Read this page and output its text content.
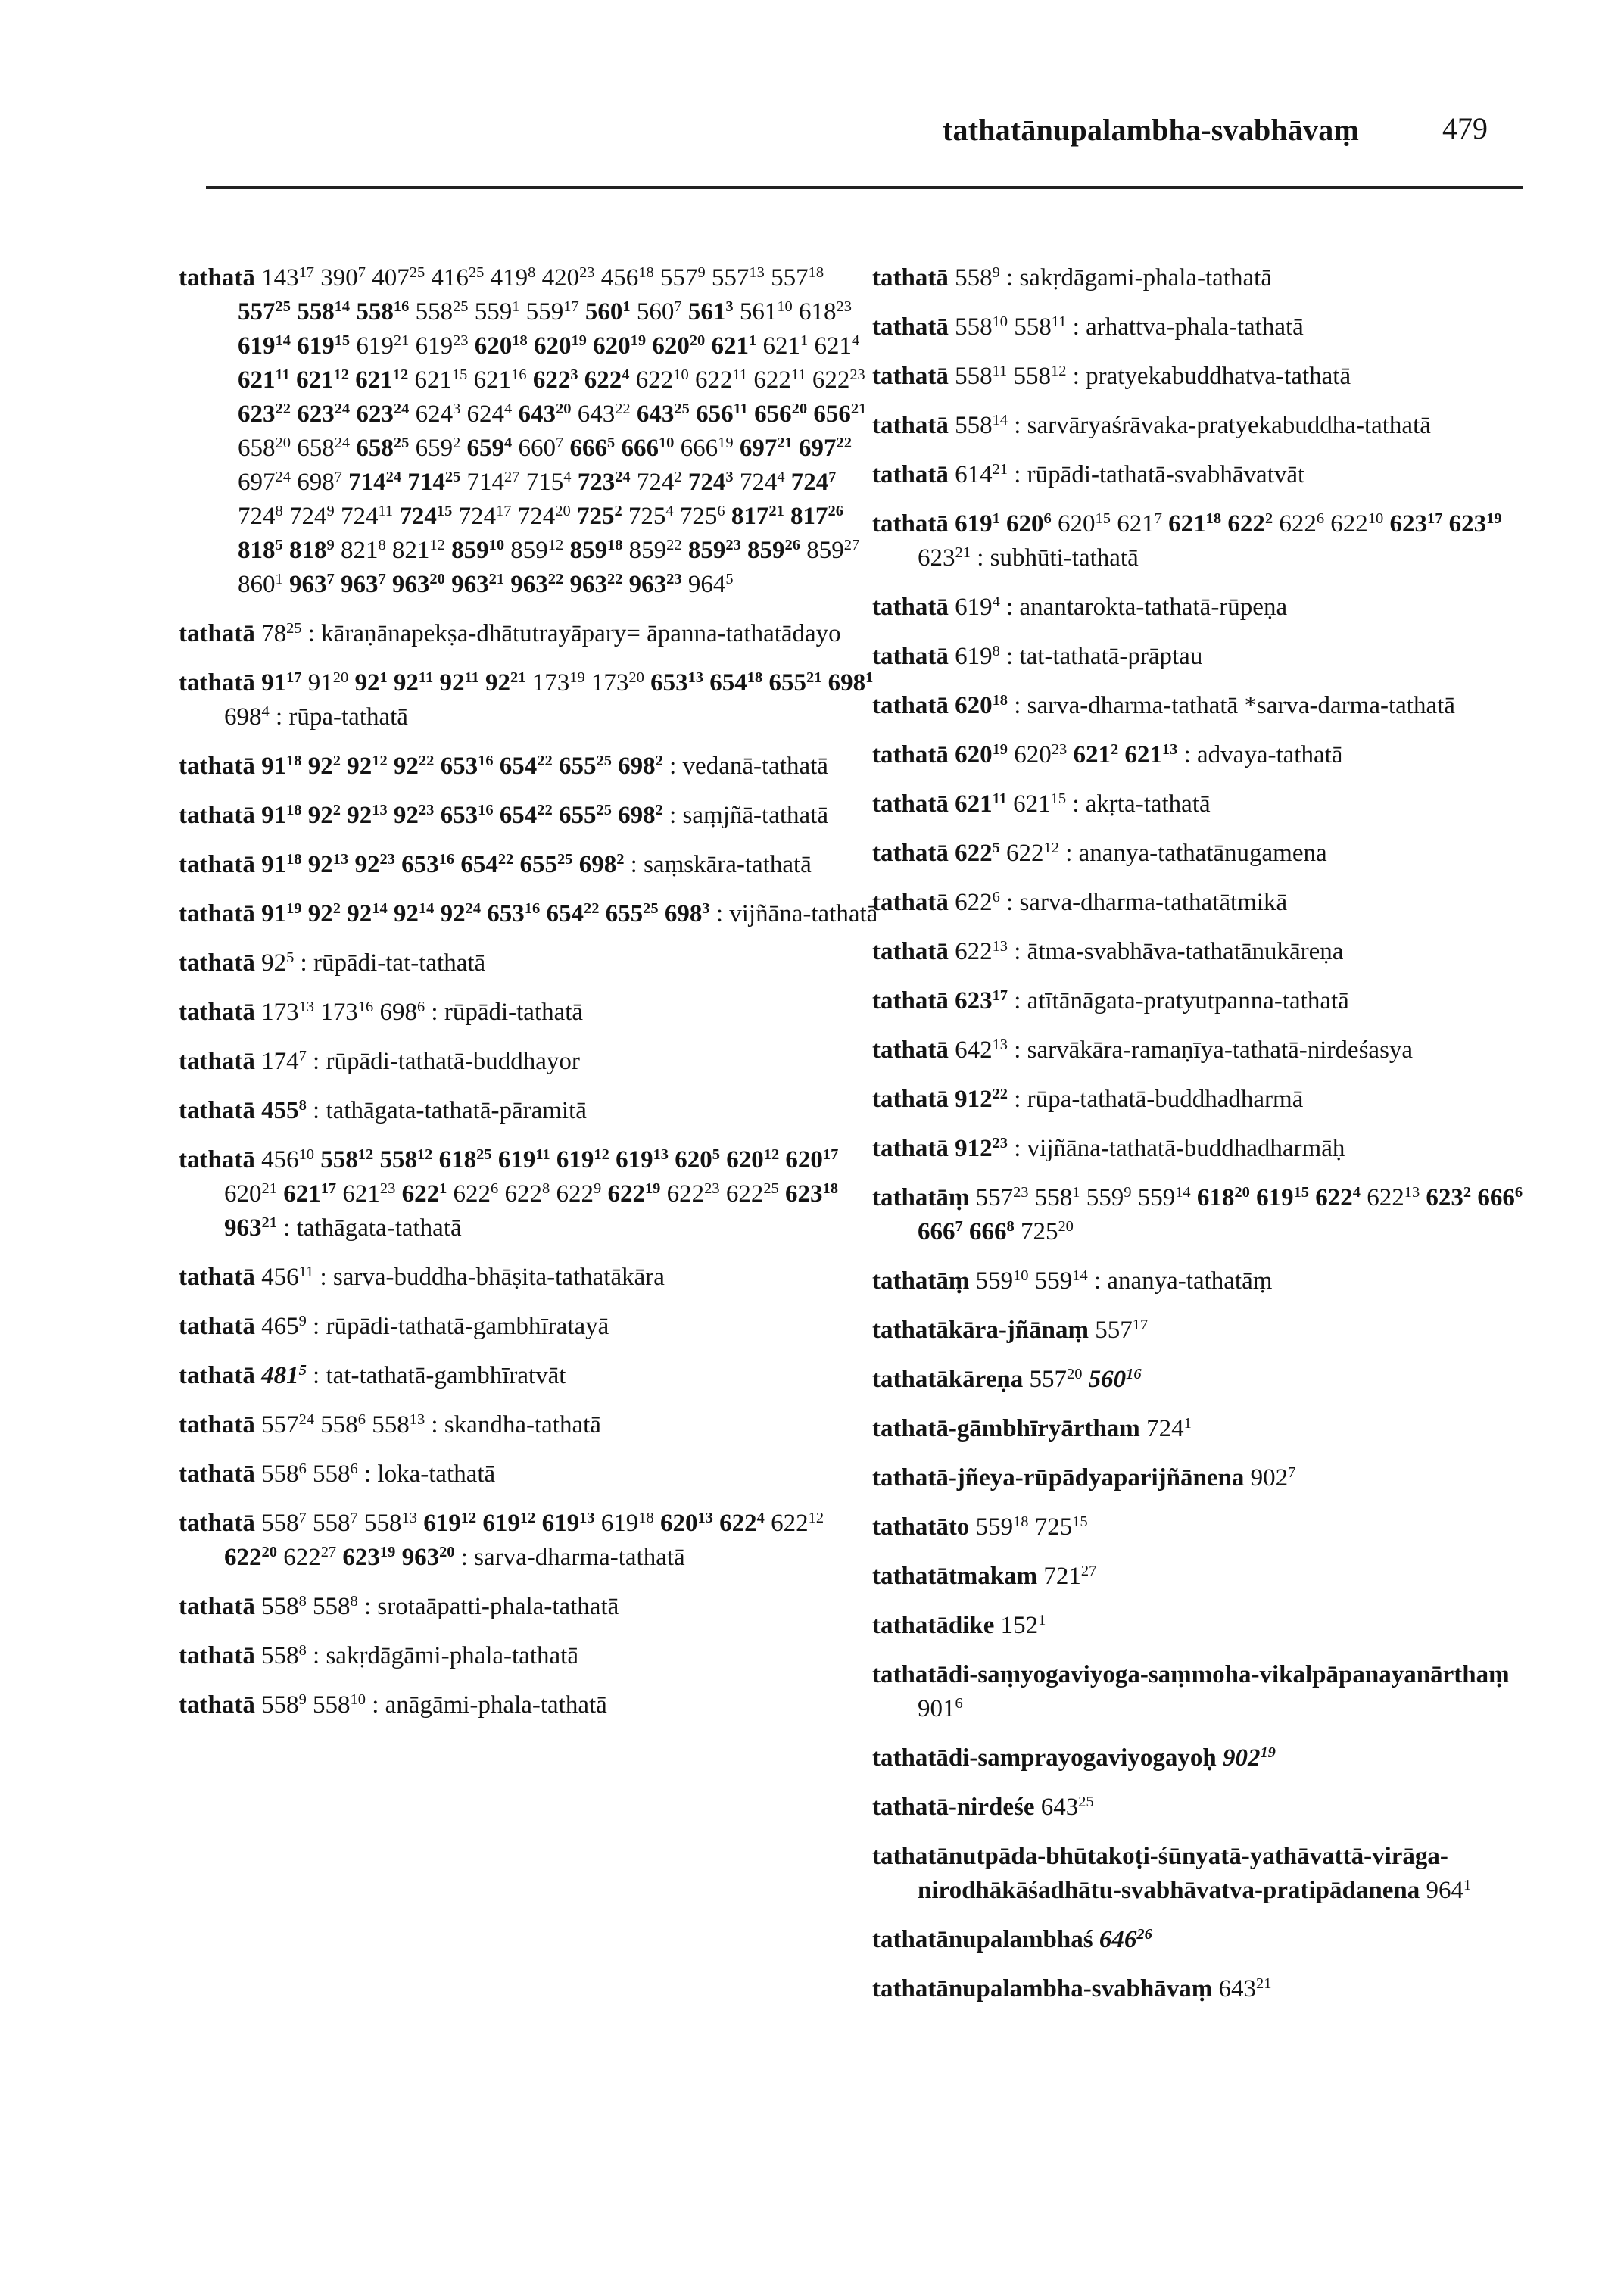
tathatānupalambha-svabhāvaṃ	479
tathatā $143^{17}$ $390^7$ $407^{25}$ $416^{25}$ $419^8$ $420^{23}$ $456^{18}$ $557^9$ $557^{13}$ $557^{18}$ $557^{25}$ $558^{14}$ $558^{16}$ $558^{25}$ $559^1$ $559^{17}$ $560^1$ $560^7$ $561^3$ $561^{10}$ $618^{23}$ $619^{14}$ $619^{15}$ $619^{21}$ $619^{23}$ $620^{18}$ $620^{19}$ $620^{19}$ $620^{20}$ $621^1$ $621^1$ $621^4$ $621^{11}$ $621^{12}$ $621^{12}$ $621^{15}$ $621^{16}$ $622^3$ $622^4$ $622^{10}$ $622^{11}$ $622^{11}$ $622^{23}$ $623^{22}$ $623^{24}$ $623^{24}$ $624^3$ $624^4$ $643^{20}$ $643^{22}$ $643^{25}$ $656^{11}$ $656^{20}$ $656^{21}$ $658^{20}$ $658^{24}$ $658^{25}$ $659^2$ $659^4$ $660^7$ $666^5$ $666^{10}$ $666^{19}$ $697^{21}$ $697^{22}$ $697^{24}$ $698^7$ $714^{24}$ $714^{25}$ $714^{27}$ $715^4$ $723^{24}$ $724^2$ $724^3$ $724^4$ $724^7$ $724^8$ $724^9$ $724^{11}$ $724^{15}$ $724^{17}$ $724^{20}$ $725^2$ $725^4$ $725^6$ $817^{21}$ $817^{26}$ $818^5$ $818^9$ $821^8$ $821^{12}$ $859^{10}$ $859^{12}$ $859^{18}$ $859^{22}$ $859^{23}$ $859^{26}$ $859^{27}$ $860^1$ $963^7$ $963^7$ $963^{20}$ $963^{21}$ $963^{22}$ $963^{22}$ $963^{23}$ $964^5$
tathatā $78^{25}$ : kāraṇānapekṣa-dhātutrayāpary= āpanna-tathatādayo
tathatā $91^{17}$ $91^{20}$ $92^1$ $92^{11}$ $92^{11}$ $92^{21}$ $173^{19}$ $173^{20}$ $653^{13}$ $654^{18}$ $655^{21}$ $698^1$ $698^4$ : rūpa-tathatā
tathatā $91^{18}$ $92^2$ $92^{12}$ $92^{22}$ $653^{16}$ $654^{22}$ $655^{25}$ $698^2$ : vedanā-tathatā
tathatā $91^{18}$ $92^2$ $92^{13}$ $92^{23}$ $653^{16}$ $654^{22}$ $655^{25}$ $698^2$ : saṃjñā-tathatā
tathatā $91^{18}$ $92^{13}$ $92^{23}$ $653^{16}$ $654^{22}$ $655^{25}$ $698^2$ : saṃskāra-tathatā
tathatā $91^{19}$ $92^2$ $92^{14}$ $92^{14}$ $92^{24}$ $653^{16}$ $654^{22}$ $655^{25}$ $698^3$ : vijñāna-tathatā
tathatā $92^5$ : rūpādi-tat-tathatā
tathatā $173^{13}$ $173^{16}$ $698^6$ : rūpādi-tathatā
tathatā $174^7$ : rūpādi-tathatā-buddhayor
tathatā $455^8$ : tathāgata-tathatā-pāramitā
tathatā $456^{10}$ $558^{12}$ $558^{12}$ $618^{25}$ $619^{11}$ $619^{12}$ $619^{13}$ $620^5$ $620^{12}$ $620^{17}$ $620^{21}$ $621^{17}$ $621^{23}$ $622^1$ $622^6$ $622^8$ $622^9$ $622^{19}$ $622^{23}$ $622^{25}$ $623^{18}$ $963^{21}$ : tathāgata-tathatā
tathatā $456^{11}$ : sarva-buddha-bhāṣita-tathatākāra
tathatā $465^9$ : rūpādi-tathatā-gambhīratayā
tathatā $481^5$ : tat-tathatā-gambhīratvāt
tathatā $557^{24}$ $558^6$ $558^{13}$ : skandha-tathatā
tathatā $558^6$ $558^6$ : loka-tathatā
tathatā $558^7$ $558^7$ $558^{13}$ $619^{12}$ $619^{12}$ $619^{13}$ $619^{18}$ $620^{13}$ $622^4$ $622^{12}$ $622^{20}$ $622^{27}$ $623^{19}$ $963^{20}$ : sarva-dharma-tathatā
tathatā $558^8$ $558^8$ : srotaāpatti-phala-tathatā
tathatā $558^8$ : sakṛdāgāmi-phala-tathatā
tathatā $558^9$ $558^{10}$ : anāgāmi-phala-tathatā
tathatā $558^9$ : sakṛdāgami-phala-tathatā
tathatā $558^{10}$ $558^{11}$ : arhattva-phala-tathatā
tathatā $558^{11}$ $558^{12}$ : pratyekabuddhatva-tathatā
tathatā $558^{14}$ : sarvāryaśrāvaka-pratyekabuddha-tathatā
tathatā $614^{21}$ : rūpādi-tathatā-svabhāvatvāt
tathatā $619^1$ $620^6$ $620^{15}$ $621^7$ $621^{18}$ $622^2$ $622^6$ $622^{10}$ $623^{17}$ $623^{19}$ $623^{21}$ : subhūti-tathatā
tathatā $619^4$ : anantarokta-tathatā-rūpeṇa
tathatā $619^8$ : tat-tathatā-prāptau
tathatā $620^{18}$ : sarva-dharma-tathatā *sarva-darma-tathatā
tathatā $620^{19}$ $620^{23}$ $621^2$ $621^{13}$ : advaya-tathatā
tathatā $621^{11}$ $621^{15}$ : akṛta-tathatā
tathatā $622^5$ $622^{12}$ : ananya-tathatānugamena
tathatā $622^6$ : sarva-dharma-tathatātmikā
tathatā $622^{13}$ : ātma-svabhāva-tathatānukāreṇa
tathatā $623^{17}$ : atītānāgata-pratyutpanna-tathatā
tathatā $642^{13}$ : sarvākāra-ramaṇīya-tathatā-nirdeśasya
tathatā $912^{22}$ : rūpa-tathatā-buddhadharmā
tathatā $912^{23}$ : vijñāna-tathatā-buddhadharmāḥ
tathatāṃ $557^{23}$ $558^1$ $559^9$ $559^{14}$ $618^{20}$ $619^{15}$ $622^4$ $622^{13}$ $623^2$ $666^6$ $666^7$ $666^8$ $725^{20}$
tathatāṃ $559^{10}$ $559^{14}$ : ananya-tathatāṃ
tathatākāra-jñānaṃ $557^{17}$
tathatākāreṇa $557^{20}$ $560^{16}$
tathatā-gāmbhīryārtham $724^1$
tathatā-jñeya-rūpādyaparijñānena $902^7$
tathatāto $559^{18}$ $725^{15}$
tathatātmakam $721^{27}$
tathatādike $152^1$
tathatādi-saṃyogaviyoga-saṃmoha-vikalpāpanayanārthaṃ $901^6$
tathatādi-samprayogaviyogayoḥ $902^{19}$
tathatā-nirdeśe $643^{25}$
tathatānutpāda-bhūtakoṭi-śūnyatā-yathāvattā-virāga-nirodhākāśadhātu-svabhāvatva-pratipādanena $964^1$
tathatānupalambhaś $646^{26}$
tathatānupalambha-svabhāvaṃ $643^{21}$
